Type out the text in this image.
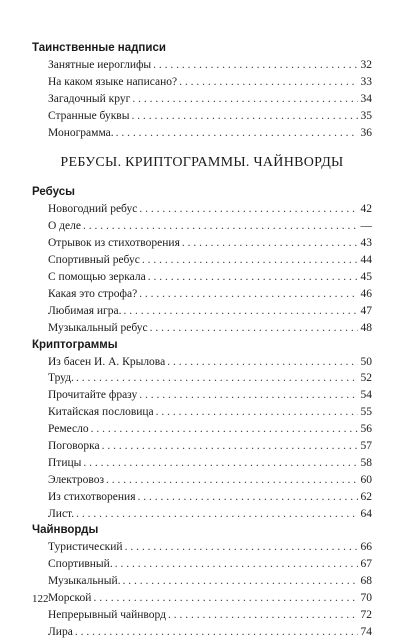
Таинственные надписи
Занятные иероглифы . . .	32
На каком языке написано? . . .	33
Загадочный круг . . .	34
Странные буквы . . .	35
Монограмма. . . .	36
РЕБУСЫ. КРИПТОГРАММЫ. ЧАЙНВОРДЫ
Ребусы
Новогодний ребус . . .	42
О деле . . .	—
Отрывок из стихотворения . . .	43
Спортивный ребус . . .	44
С помощью зеркала . . .	45
Какая это строфа? . . .	46
Любимая игра. . . .	47
Музыкальный ребус . . .	48
Криптограммы
Из басен И. А. Крылова . . .	50
Труд. . . .	52
Прочитайте фразу . . .	54
Китайская пословица . . .	55
Ремесло . . .	56
Поговорка . . .	57
Птицы . . .	58
Электровоз . . .	60
Из стихотворения . . .	62
Лист. . . .	64
Чайнворды
Туристический . . .	66
Спортивный. . . .	67
Музыкальный. . . .	68
Морской . . .	70
Непрерывный чайнворд . . .	72
Лира . . .	74
122
